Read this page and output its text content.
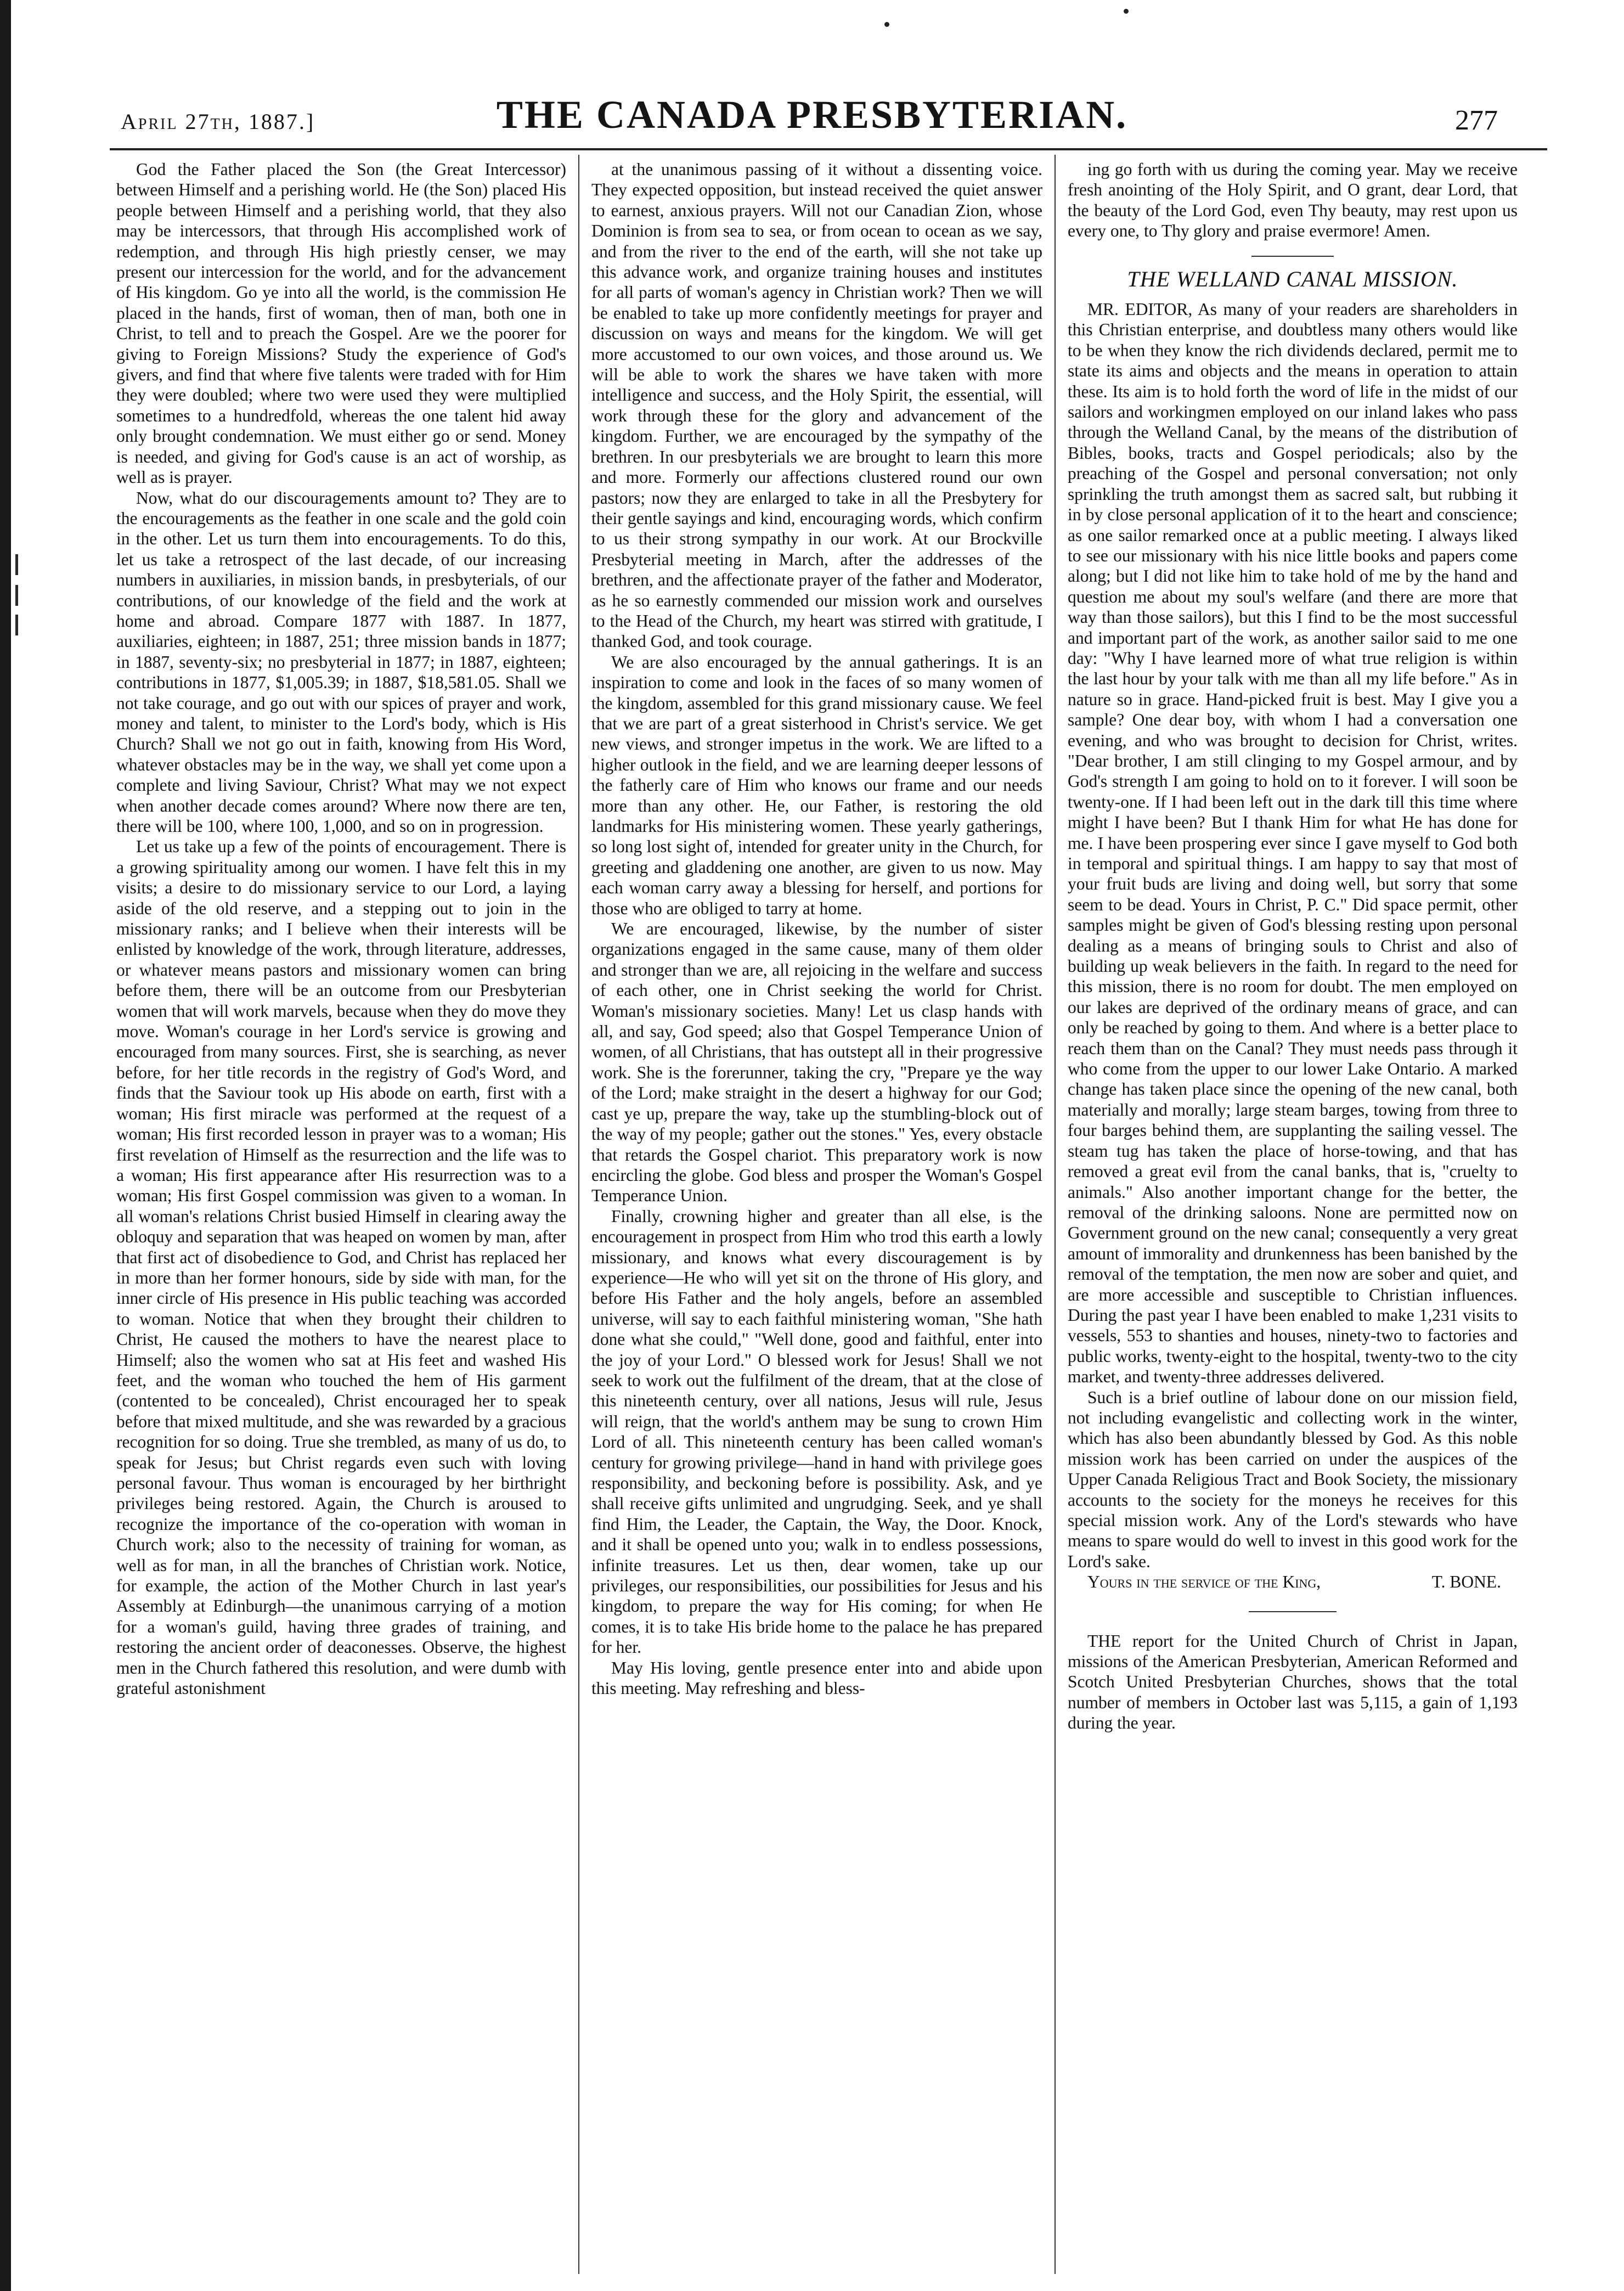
April 27th, 1887.]	THE CANADA PRESBYTERIAN.	277

God the Father placed the Son (the Great Intercessor) between Himself and a perishing world. He (the Son) placed His people between Himself and a perishing world, that they also may be intercessors, that through His accomplished work of redemption, and through His high priestly censer, we may present our intercession for the world, and for the advancement of His kingdom. Go ye into all the world, is the commission He placed in the hands, first of woman, then of man, both one in Christ, to tell and to preach the Gospel. Are we the poorer for giving to Foreign Missions? Study the experience of God's givers, and find that where five talents were traded with for Him they were doubled; where two were used they were multiplied sometimes to a hundredfold, whereas the one talent hid away only brought condemnation. We must either go or send. Money is needed, and giving for God's cause is an act of worship, as well as is prayer.

Now, what do our discouragements amount to? They are to the encouragements as the feather in one scale and the gold coin in the other. Let us turn them into encouragements. To do this, let us take a retrospect of the last decade, of our increasing numbers in auxiliaries, in mission bands, in presbyterials, of our contributions, of our knowledge of the field and the work at home and abroad. Compare 1877 with 1887. In 1877, auxiliaries, eighteen; in 1887, 251; three mission bands in 1877; in 1887, seventy-six; no presbyterial in 1877; in 1887, eighteen; contributions in 1877, $1,005.39; in 1887, $18,581.05. Shall we not take courage, and go out with our spices of prayer and work, money and talent, to minister to the Lord's body, which is His Church? Shall we not go out in faith, knowing from His Word, whatever obstacles may be in the way, we shall yet come upon a complete and living Saviour, Christ? What may we not expect when another decade comes around? Where now there are ten, there will be 100, where 100, 1,000, and so on in progression.

Let us take up a few of the points of encouragement. There is a growing spirituality among our women. I have felt this in my visits; a desire to do missionary service to our Lord, a laying aside of the old reserve, and a stepping out to join in the missionary ranks; and I believe when their interests will be enlisted by knowledge of the work, through literature, addresses, or whatever means pastors and missionary women can bring before them, there will be an outcome from our Presbyterian women that will work marvels, because when they do move they move. Woman's courage in her Lord's service is growing and encouraged from many sources. First, she is searching, as never before, for her title records in the registry of God's Word, and finds that the Saviour took up His abode on earth, first with a woman; His first miracle was performed at the request of a woman; His first recorded lesson in prayer was to a woman; His first revelation of Himself as the resurrection and the life was to a woman; His first appearance after His resurrection was to a woman; His first Gospel commission was given to a woman. In all woman's relations Christ busied Himself in clearing away the obloquy and separation that was heaped on women by man, after that first act of disobedience to God, and Christ has replaced her in more than her former honours, side by side with man, for the inner circle of His presence in His public teaching was accorded to woman. Notice that when they brought their children to Christ, He caused the mothers to have the nearest place to Himself; also the women who sat at His feet and washed His feet, and the woman who touched the hem of His garment (contented to be concealed), Christ encouraged her to speak before that mixed multitude, and she was rewarded by a gracious recognition for so doing. True she trembled, as many of us do, to speak for Jesus; but Christ regards even such with loving personal favour. Thus woman is encouraged by her birthright privileges being restored. Again, the Church is aroused to recognize the importance of the co-operation with woman in Church work; also to the necessity of training for woman, as well as for man, in all the branches of Christian work. Notice, for example, the action of the Mother Church in last year's Assembly at Edinburgh—the unanimous carrying of a motion for a woman's guild, having three grades of training, and restoring the ancient order of deaconesses. Observe, the highest men in the Church fathered this resolution, and were dumb with grateful astonishment

at the unanimous passing of it without a dissenting voice. They expected opposition, but instead received the quiet answer to earnest, anxious prayers. Will not our Canadian Zion, whose Dominion is from sea to sea, or from ocean to ocean as we say, and from the river to the end of the earth, will she not take up this advance work, and organize training houses and institutes for all parts of woman's agency in Christian work? Then we will be enabled to take up more confidently meetings for prayer and discussion on ways and means for the kingdom. We will get more accustomed to our own voices, and those around us. We will be able to work the shares we have taken with more intelligence and success, and the Holy Spirit, the essential, will work through these for the glory and advancement of the kingdom. Further, we are encouraged by the sympathy of the brethren. In our presbyterials we are brought to learn this more and more. Formerly our affections clustered round our own pastors; now they are enlarged to take in all the Presbytery for their gentle sayings and kind, encouraging words, which confirm to us their strong sympathy in our work. At our Brockville Presbyterial meeting in March, after the addresses of the brethren, and the affectionate prayer of the father and Moderator, as he so earnestly commended our mission work and ourselves to the Head of the Church, my heart was stirred with gratitude, I thanked God, and took courage.

We are also encouraged by the annual gatherings. It is an inspiration to come and look in the faces of so many women of the kingdom, assembled for this grand missionary cause. We feel that we are part of a great sisterhood in Christ's service. We get new views, and stronger impetus in the work. We are lifted to a higher outlook in the field, and we are learning deeper lessons of the fatherly care of Him who knows our frame and our needs more than any other. He, our Father, is restoring the old landmarks for His ministering women. These yearly gatherings, so long lost sight of, intended for greater unity in the Church, for greeting and gladdening one another, are given to us now. May each woman carry away a blessing for herself, and portions for those who are obliged to tarry at home.

We are encouraged, likewise, by the number of sister organizations engaged in the same cause, many of them older and stronger than we are, all rejoicing in the welfare and success of each other, one in Christ seeking the world for Christ. Woman's missionary societies. Many! Let us clasp hands with all, and say, God speed; also that Gospel Temperance Union of women, of all Christians, that has outstept all in their progressive work. She is the forerunner, taking the cry, "Prepare ye the way of the Lord; make straight in the desert a highway for our God; cast ye up, prepare the way, take up the stumbling-block out of the way of my people; gather out the stones." Yes, every obstacle that retards the Gospel chariot. This preparatory work is now encircling the globe. God bless and prosper the Woman's Gospel Temperance Union.

Finally, crowning higher and greater than all else, is the encouragement in prospect from Him who trod this earth a lowly missionary, and knows what every discouragement is by experience—He who will yet sit on the throne of His glory, and before His Father and the holy angels, before an assembled universe, will say to each faithful ministering woman, "She hath done what she could," "Well done, good and faithful, enter into the joy of your Lord." O blessed work for Jesus! Shall we not seek to work out the fulfilment of the dream, that at the close of this nineteenth century, over all nations, Jesus will rule, Jesus will reign, that the world's anthem may be sung to crown Him Lord of all. This nineteenth century has been called woman's century for growing privilege—hand in hand with privilege goes responsibility, and beckoning before is possibility. Ask, and ye shall receive gifts unlimited and ungrudging. Seek, and ye shall find Him, the Leader, the Captain, the Way, the Door. Knock, and it shall be opened unto you; walk in to endless possessions, infinite treasures. Let us then, dear women, take up our privileges, our responsibilities, our possibilities for Jesus and his kingdom, to prepare the way for His coming; for when He comes, it is to take His bride home to the palace he has prepared for her.

May His loving, gentle presence enter into and abide upon this meeting. May refreshing and bless-

ing go forth with us during the coming year. May we receive fresh anointing of the Holy Spirit, and O grant, dear Lord, that the beauty of the Lord God, even Thy beauty, may rest upon us every one, to Thy glory and praise evermore! Amen.

THE WELLAND CANAL MISSION.

MR. EDITOR, As many of your readers are shareholders in this Christian enterprise, and doubtless many others would like to be when they know the rich dividends declared, permit me to state its aims and objects and the means in operation to attain these. Its aim is to hold forth the word of life in the midst of our sailors and workingmen employed on our inland lakes who pass through the Welland Canal, by the means of the distribution of Bibles, books, tracts and Gospel periodicals; also by the preaching of the Gospel and personal conversation; not only sprinkling the truth amongst them as sacred salt, but rubbing it in by close personal application of it to the heart and conscience; as one sailor remarked once at a public meeting. I always liked to see our missionary with his nice little books and papers come along; but I did not like him to take hold of me by the hand and question me about my soul's welfare (and there are more that way than those sailors), but this I find to be the most successful and important part of the work, as another sailor said to me one day: "Why I have learned more of what true religion is within the last hour by your talk with me than all my life before." As in nature so in grace. Hand-picked fruit is best. May I give you a sample? One dear boy, with whom I had a conversation one evening, and who was brought to decision for Christ, writes. "Dear brother, I am still clinging to my Gospel armour, and by God's strength I am going to hold on to it forever. I will soon be twenty-one. If I had been left out in the dark till this time where might I have been? But I thank Him for what He has done for me. I have been prospering ever since I gave myself to God both in temporal and spiritual things. I am happy to say that most of your fruit buds are living and doing well, but sorry that some seem to be dead. Yours in Christ, P. C." Did space permit, other samples might be given of God's blessing resting upon personal dealing as a means of bringing souls to Christ and also of building up weak believers in the faith. In regard to the need for this mission, there is no room for doubt. The men employed on our lakes are deprived of the ordinary means of grace, and can only be reached by going to them. And where is a better place to reach them than on the Canal? They must needs pass through it who come from the upper to our lower Lake Ontario. A marked change has taken place since the opening of the new canal, both materially and morally; large steam barges, towing from three to four barges behind them, are supplanting the sailing vessel. The steam tug has taken the place of horse-towing, and that has removed a great evil from the canal banks, that is, "cruelty to animals." Also another important change for the better, the removal of the drinking saloons. None are permitted now on Government ground on the new canal; consequently a very great amount of immorality and drunkenness has been banished by the removal of the temptation, the men now are sober and quiet, and are more accessible and susceptible to Christian influences. During the past year I have been enabled to make 1,231 visits to vessels, 553 to shanties and houses, ninety-two to factories and public works, twenty-eight to the hospital, twenty-two to the city market, and twenty-three addresses delivered.

Such is a brief outline of labour done on our mission field, not including evangelistic and collecting work in the winter, which has also been abundantly blessed by God. As this noble mission work has been carried on under the auspices of the Upper Canada Religious Tract and Book Society, the missionary accounts to the society for the moneys he receives for this special mission work. Any of the Lord's stewards who have means to spare would do well to invest in this good work for the Lord's sake.

Yours in the service of the King,	T. BONE.

THE report for the United Church of Christ in Japan, missions of the American Presbyterian, American Reformed and Scotch United Presbyterian Churches, shows that the total number of members in October last was 5,115, a gain of 1,193 during the year.
